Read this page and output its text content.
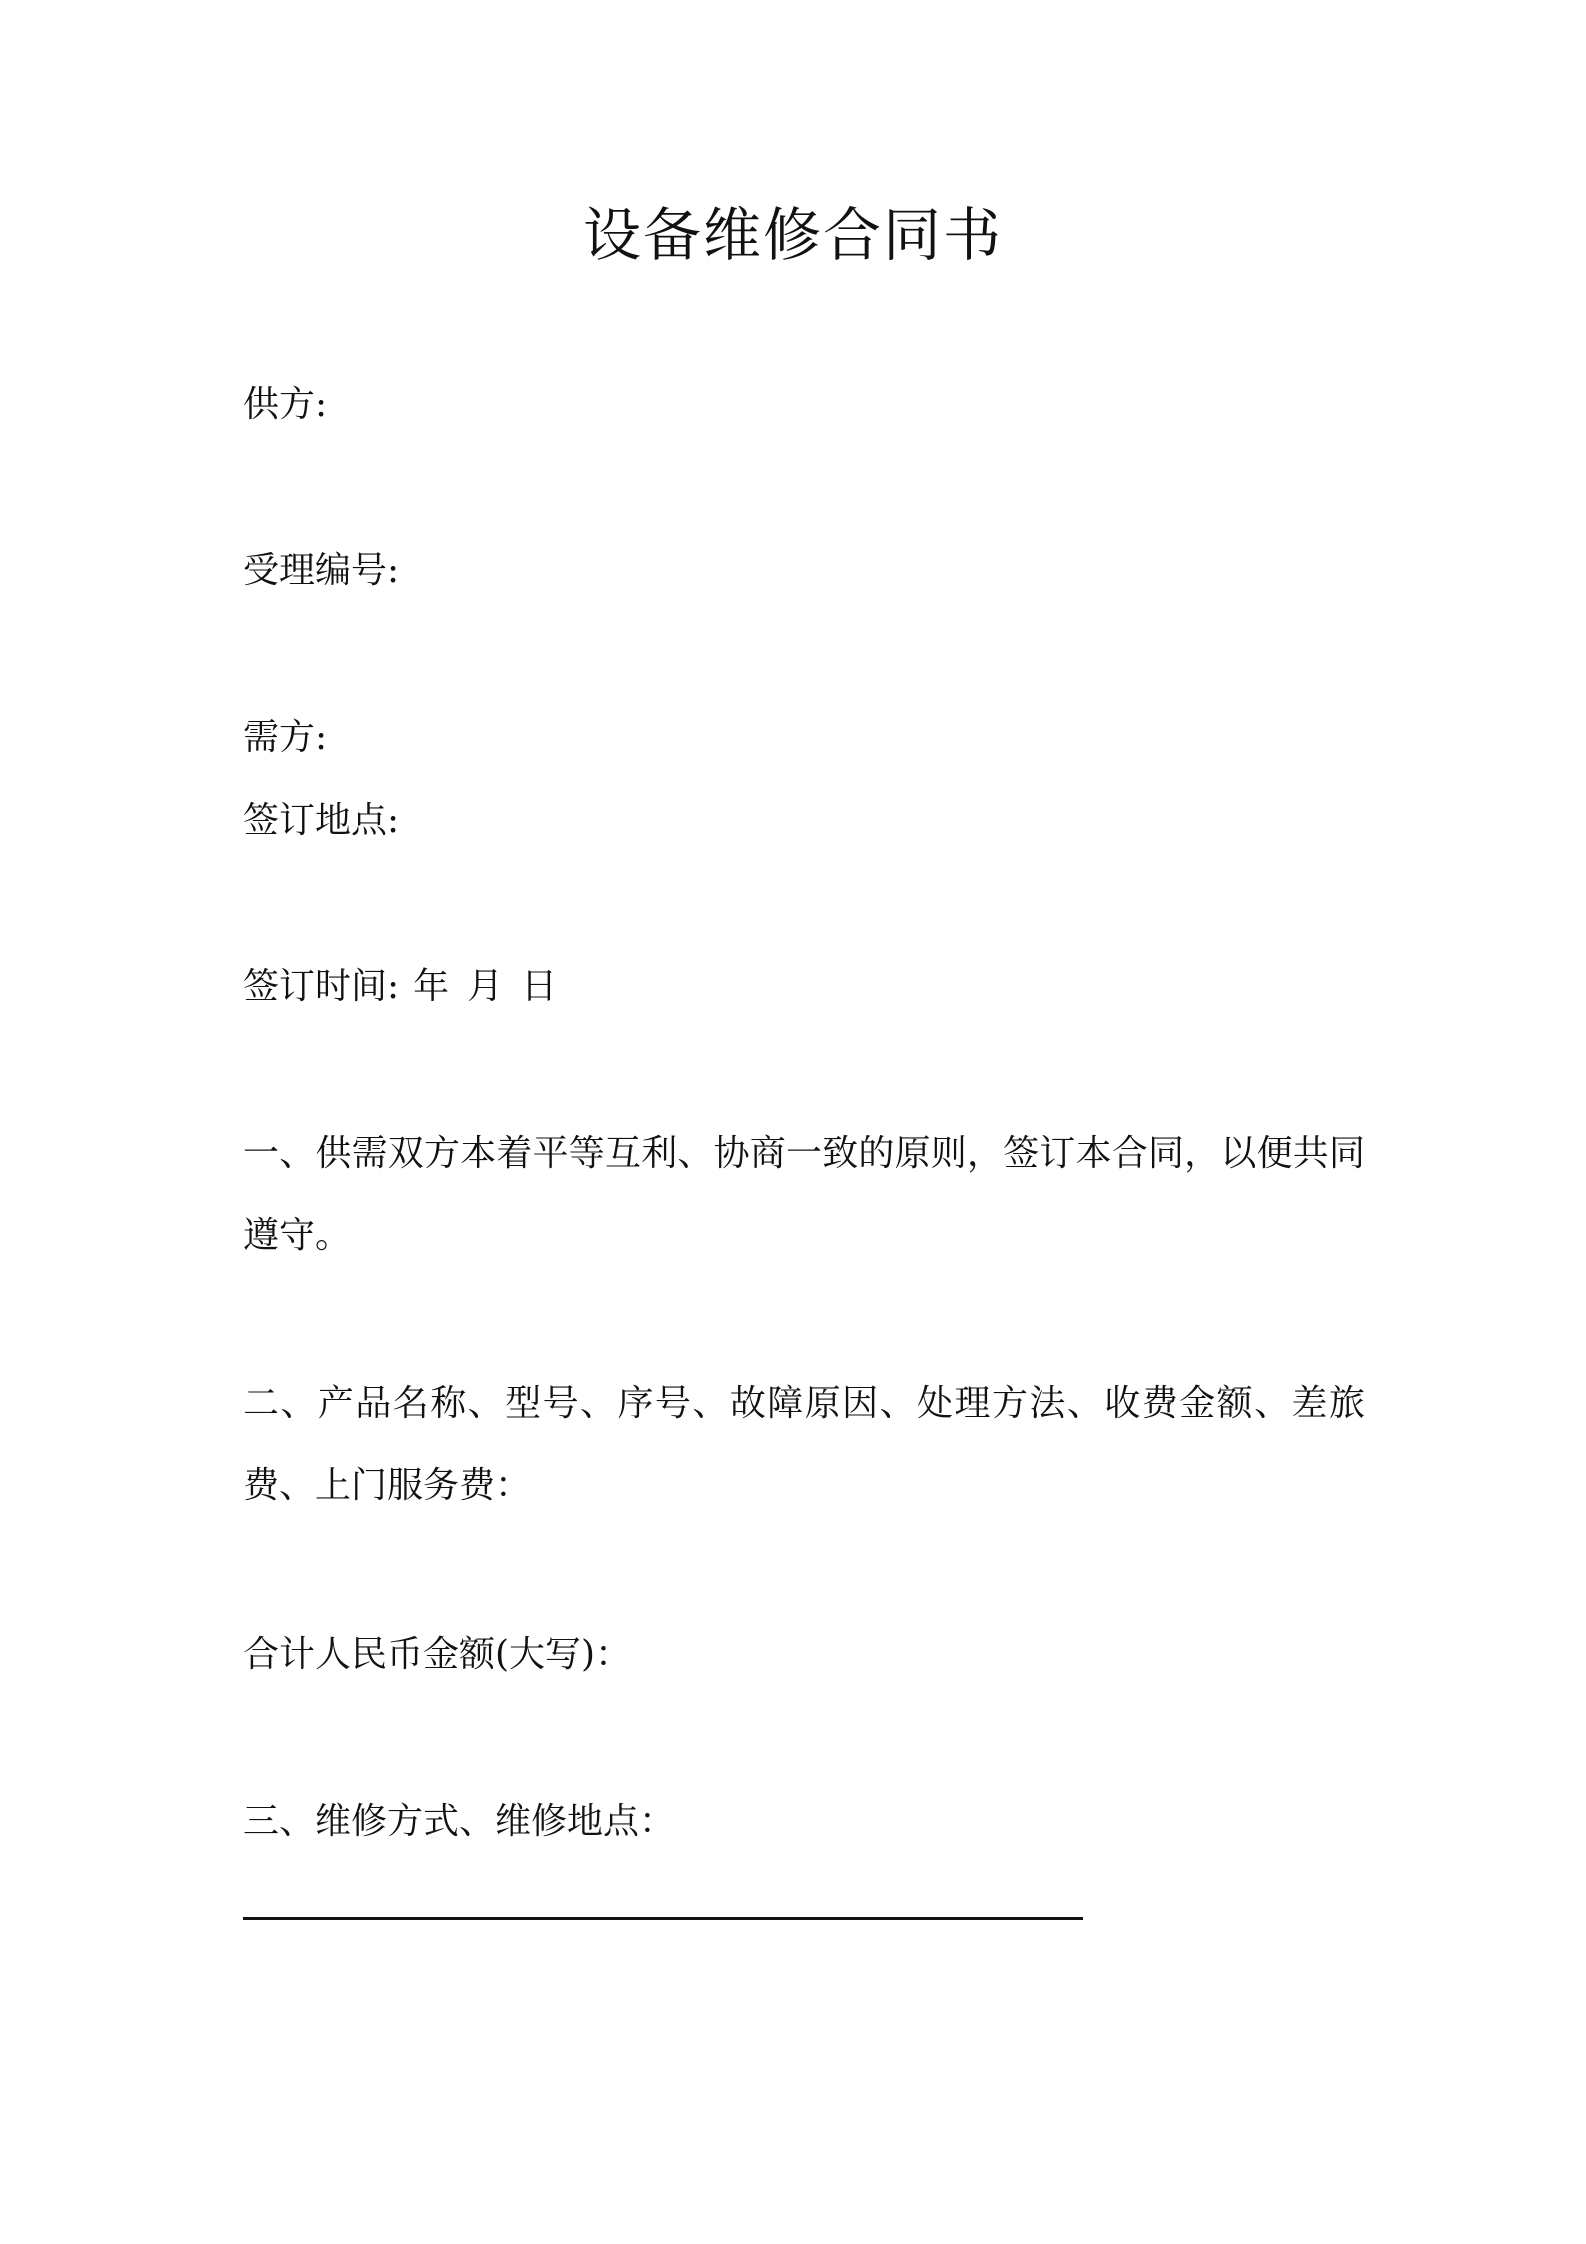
设备维修合同书

供方:

受理编号:

需方:

签订地点:

签订时间: 年 月 日

一、供需双方本着平等互利、协商一致的原则，签订本合同，以便共同遵守。

二、产品名称、型号、序号、故障原因、处理方法、收费金额、差旅费、上门服务费：

合计人民币金额(大写)：

三、维修方式、维修地点：
